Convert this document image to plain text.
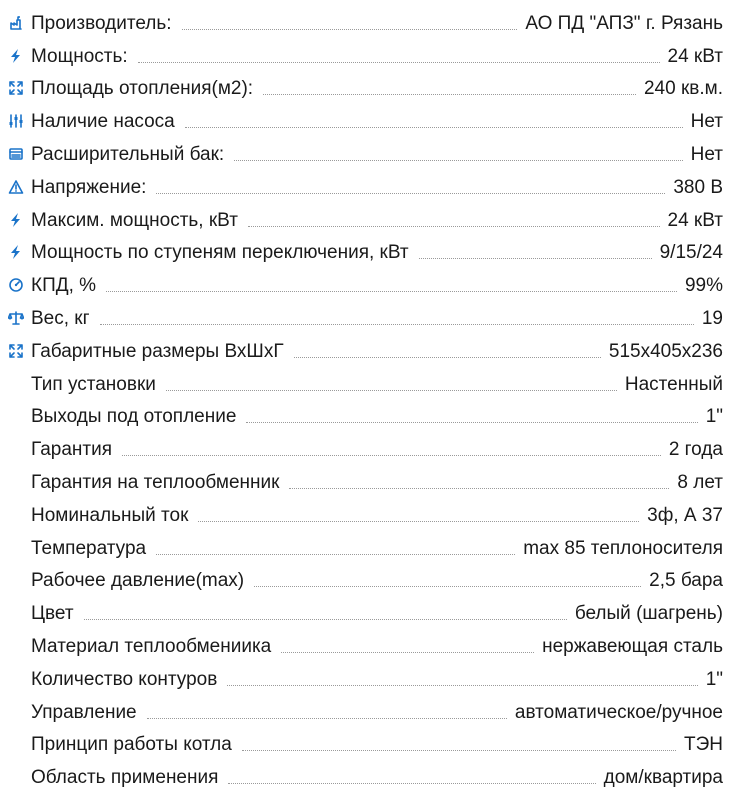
Производитель:	АО ПД "АПЗ" г. Рязань
Мощность:	24 кВт
Площадь отопления(м2):	240 кв.м.
Наличие насоса	Нет
Расширительный бак:	Нет
Напряжение:	380 В
Максим. мощность, кВт	24 кВт
Мощность по ступеням переключения, кВт	9/15/24
КПД, %	99%
Вес, кг	19
Габаритные размеры ВхШхГ	515х405х236
Тип установки	Настенный
Выходы под отопление	1"
Гарантия	2 года
Гарантия на теплообменник	8 лет
Номинальный ток	3ф, А 37
Температура	max 85 теплоносителя
Рабочее давление(max)	2,5 бара
Цвет	белый (шагрень)
Материал теплообмениика	нержавеющая сталь
Количество контуров	1"
Управление	автоматическое/ручное
Принцип работы котла	ТЭН
Область применения	дом/квартира
